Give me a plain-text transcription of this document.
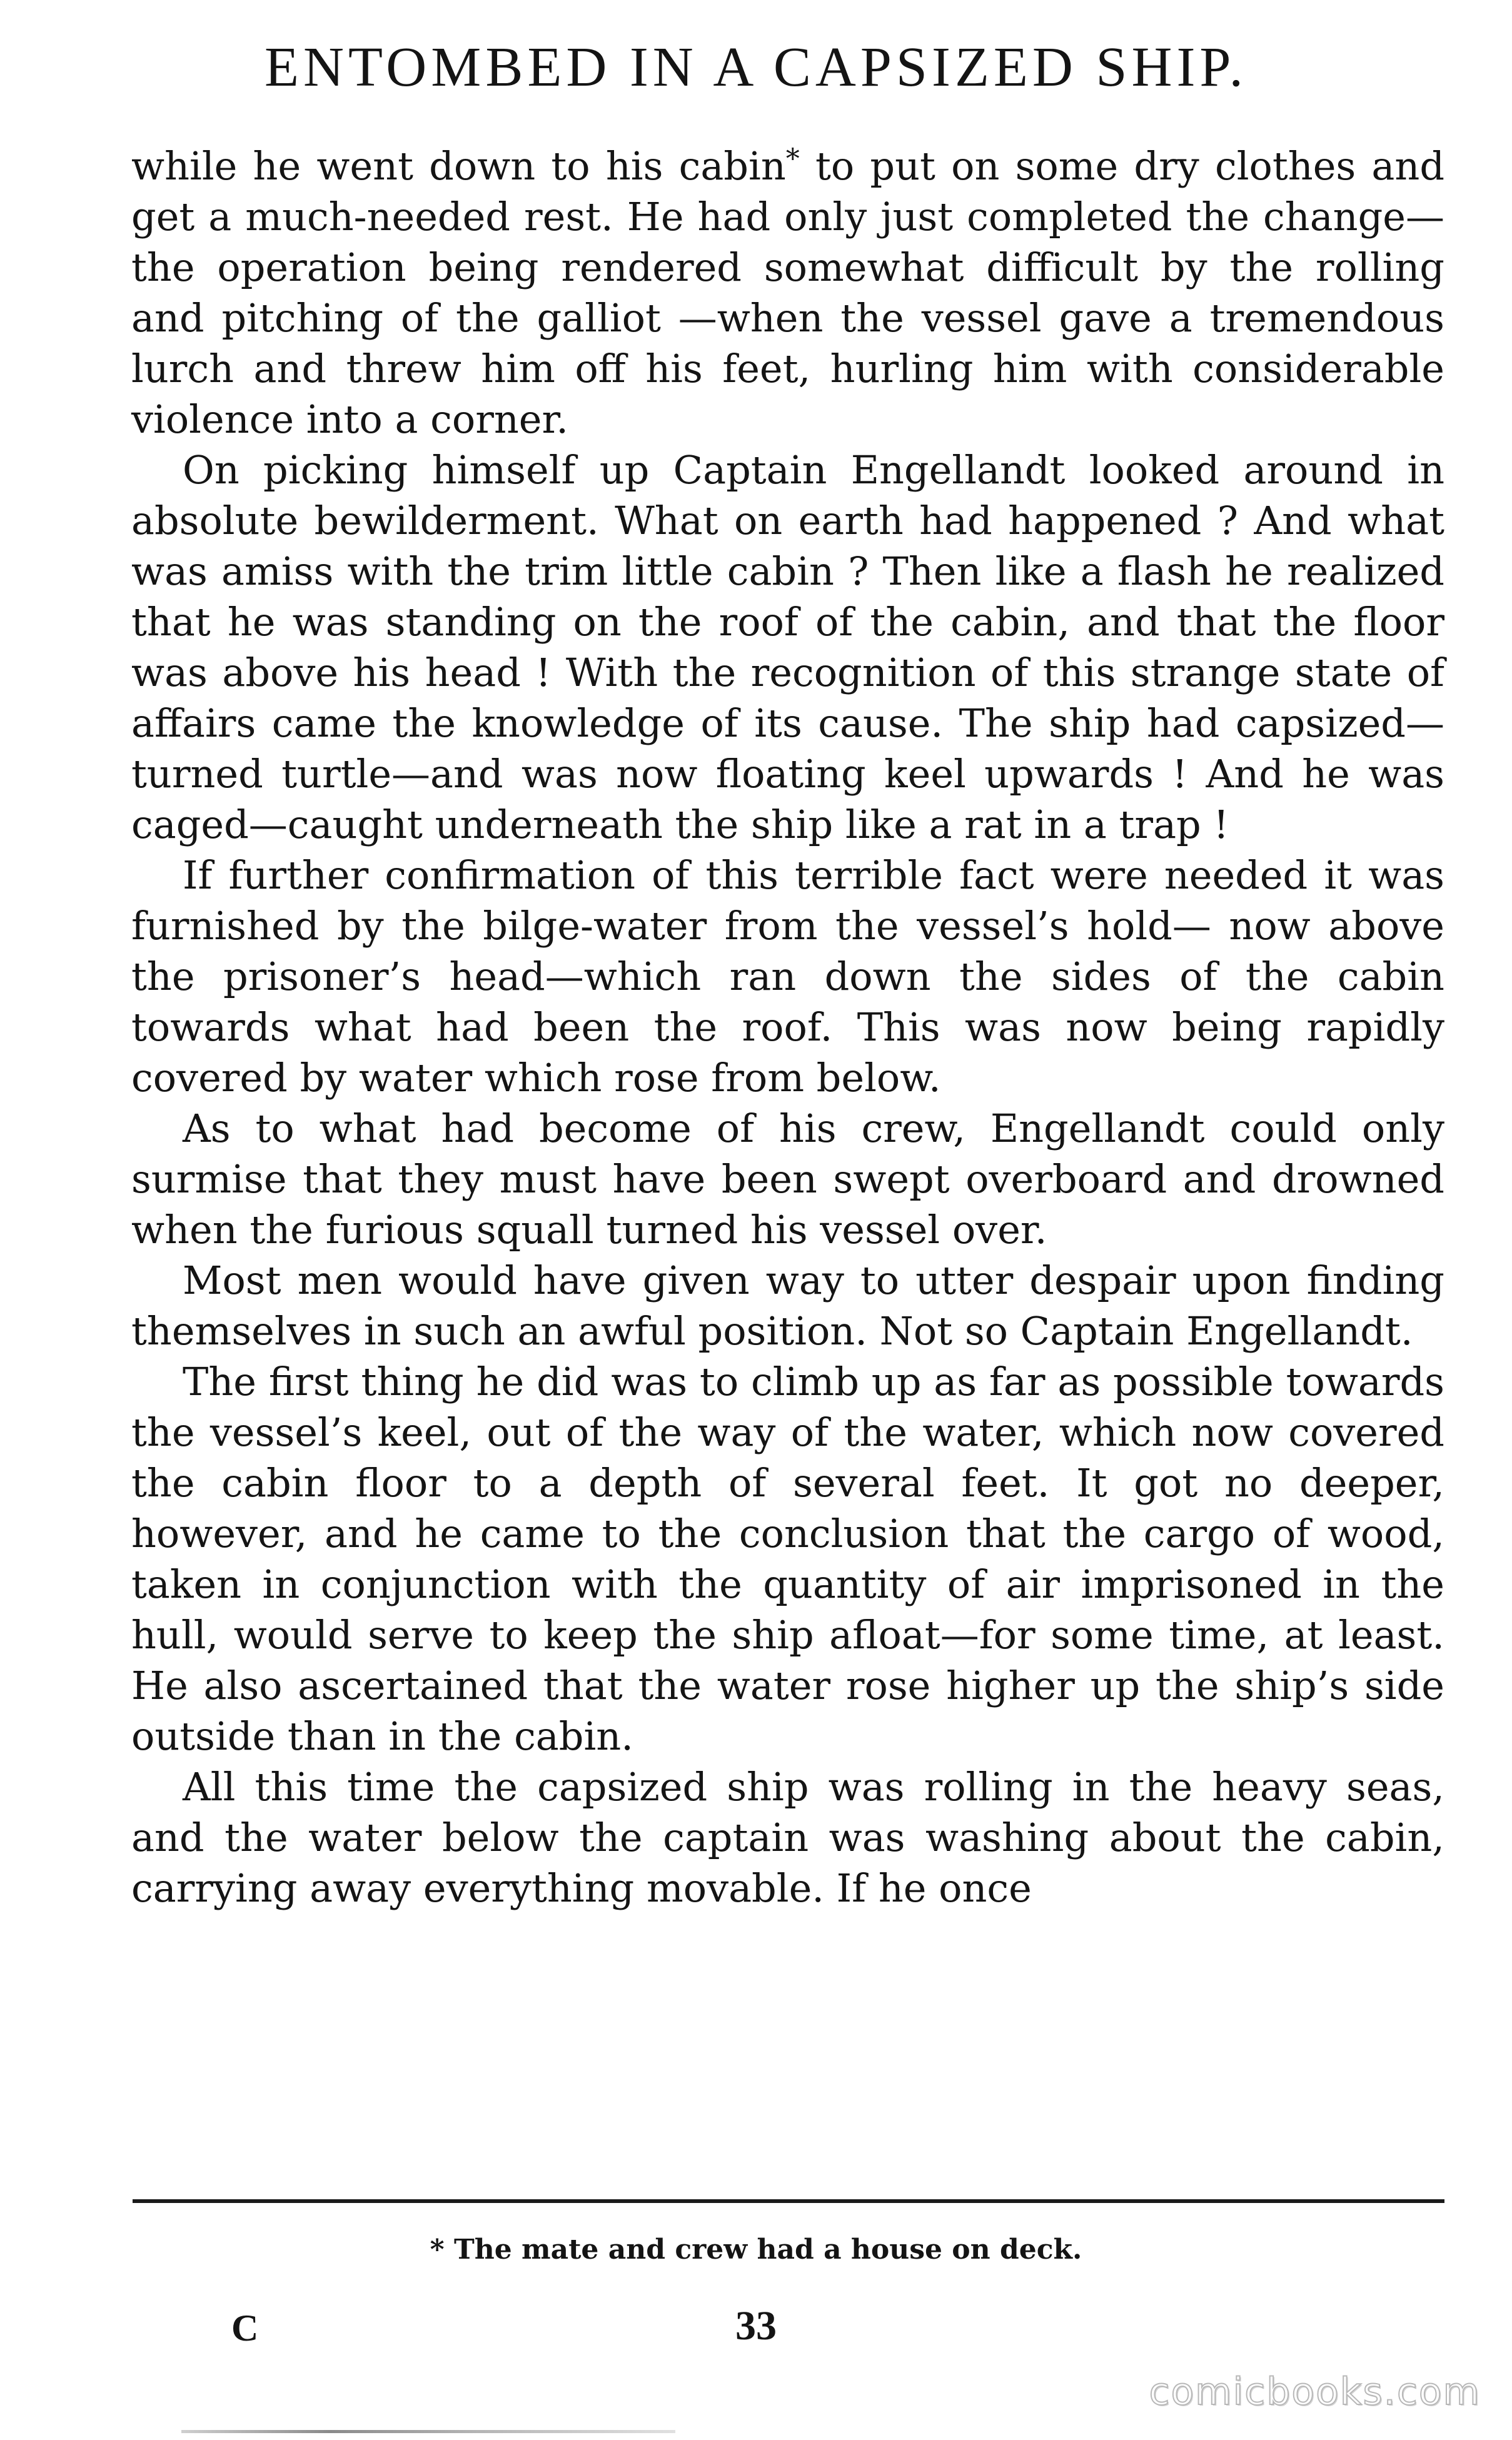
ENTOMBED IN A CAPSIZED SHIP.

while he went down to his cabin* to put on some dry clothes and get a much-needed rest. He had only just completed the change—the operation being rendered somewhat difficult by the rolling and pitching of the galliot —when the vessel gave a tremendous lurch and threw him off his feet, hurling him with considerable violence into a corner.

On picking himself up Captain Engellandt looked around in absolute bewilderment. What on earth had happened ? And what was amiss with the trim little cabin ? Then like a flash he realized that he was standing on the roof of the cabin, and that the floor was above his head ! With the recognition of this strange state of affairs came the knowledge of its cause. The ship had capsized—turned turtle—and was now floating keel upwards ! And he was caged—caught underneath the ship like a rat in a trap !

If further confirmation of this terrible fact were needed it was furnished by the bilge-water from the vessel’s hold— now above the prisoner’s head—which ran down the sides of the cabin towards what had been the roof. This was now being rapidly covered by water which rose from below.

As to what had become of his crew, Engellandt could only surmise that they must have been swept overboard and drowned when the furious squall turned his vessel over.

Most men would have given way to utter despair upon finding themselves in such an awful position. Not so Captain Engellandt.

The first thing he did was to climb up as far as possible towards the vessel’s keel, out of the way of the water, which now covered the cabin floor to a depth of several feet. It got no deeper, however, and he came to the conclusion that the cargo of wood, taken in conjunction with the quantity of air imprisoned in the hull, would serve to keep the ship afloat—for some time, at least. He also ascertained that the water rose higher up the ship’s side outside than in the cabin.

All this time the capsized ship was rolling in the heavy seas, and the water below the captain was washing about the cabin, carrying away everything movable. If he once

* The mate and crew had a house on deck.
C	33
comicbooks.com
